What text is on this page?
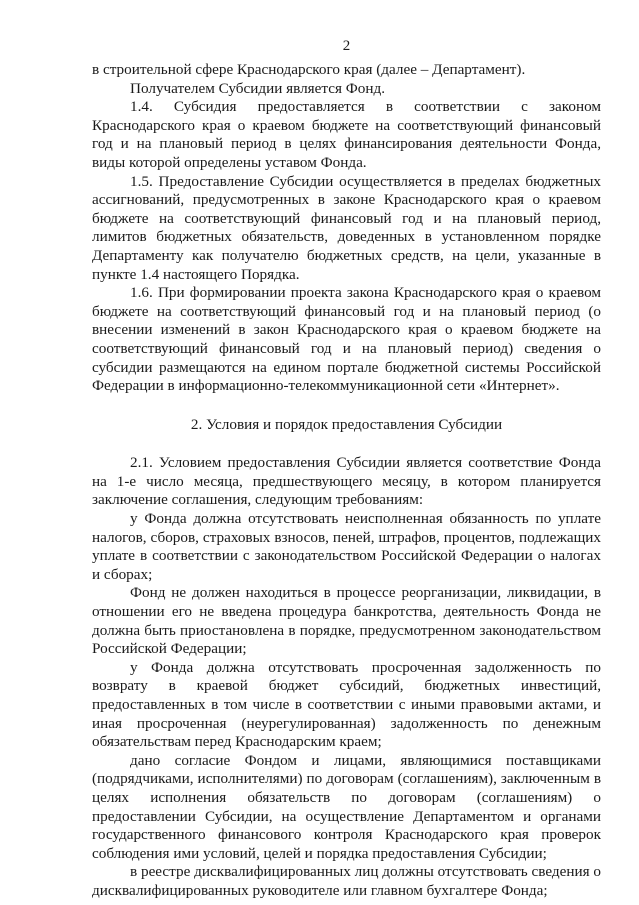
2

в строительной сфере Краснодарского края (далее – Департамент).

Получателем Субсидии является Фонд.

1.4. Субсидия предоставляется в соответствии с законом Краснодарского края о краевом бюджете на соответствующий финансовый год и на плановый период в целях финансирования деятельности Фонда, виды которой определены уставом Фонда.

1.5. Предоставление Субсидии осуществляется в пределах бюджетных ассигнований, предусмотренных в законе Краснодарского края о краевом бюджете на соответствующий финансовый год и на плановый период, лимитов бюджетных обязательств, доведенных в установленном порядке Департаменту как получателю бюджетных средств, на цели, указанные в пункте 1.4 настоящего Порядка.

1.6. При формировании проекта закона Краснодарского края о краевом бюджете на соответствующий финансовый год и на плановый период (о внесении изменений в закон Краснодарского края о краевом бюджете на соответствующий финансовый год и на плановый период) сведения о субсидии размещаются на едином портале бюджетной системы Российской Федерации в информационно-телекоммуникационной сети «Интернет».

2. Условия и порядок предоставления Субсидии

2.1. Условием предоставления Субсидии является соответствие Фонда на 1-е число месяца, предшествующего месяцу, в котором планируется заключение соглашения, следующим требованиям:

у Фонда должна отсутствовать неисполненная обязанность по уплате налогов, сборов, страховых взносов, пеней, штрафов, процентов, подлежащих уплате в соответствии с законодательством Российской Федерации о налогах и сборах;

Фонд не должен находиться в процессе реорганизации, ликвидации, в отношении его не введена процедура банкротства, деятельность Фонда не должна быть приостановлена в порядке, предусмотренном законодательством Российской Федерации;

у Фонда должна отсутствовать просроченная задолженность по возврату в краевой бюджет субсидий, бюджетных инвестиций, предоставленных в том числе в соответствии с иными правовыми актами, и иная просроченная (неурегулированная) задолженность по денежным обязательствам перед Краснодарским краем;

дано согласие Фондом и лицами, являющимися поставщиками (подрядчиками, исполнителями) по договорам (соглашениям), заключенным в целях исполнения обязательств по договорам (соглашениям) о предоставлении Субсидии, на осуществление Департаментом и органами государственного финансового контроля Краснодарского края проверок соблюдения ими условий, целей и порядка предоставления Субсидии;

в реестре дисквалифицированных лиц должны отсутствовать сведения о дисквалифицированных руководителе или главном бухгалтере Фонда;
